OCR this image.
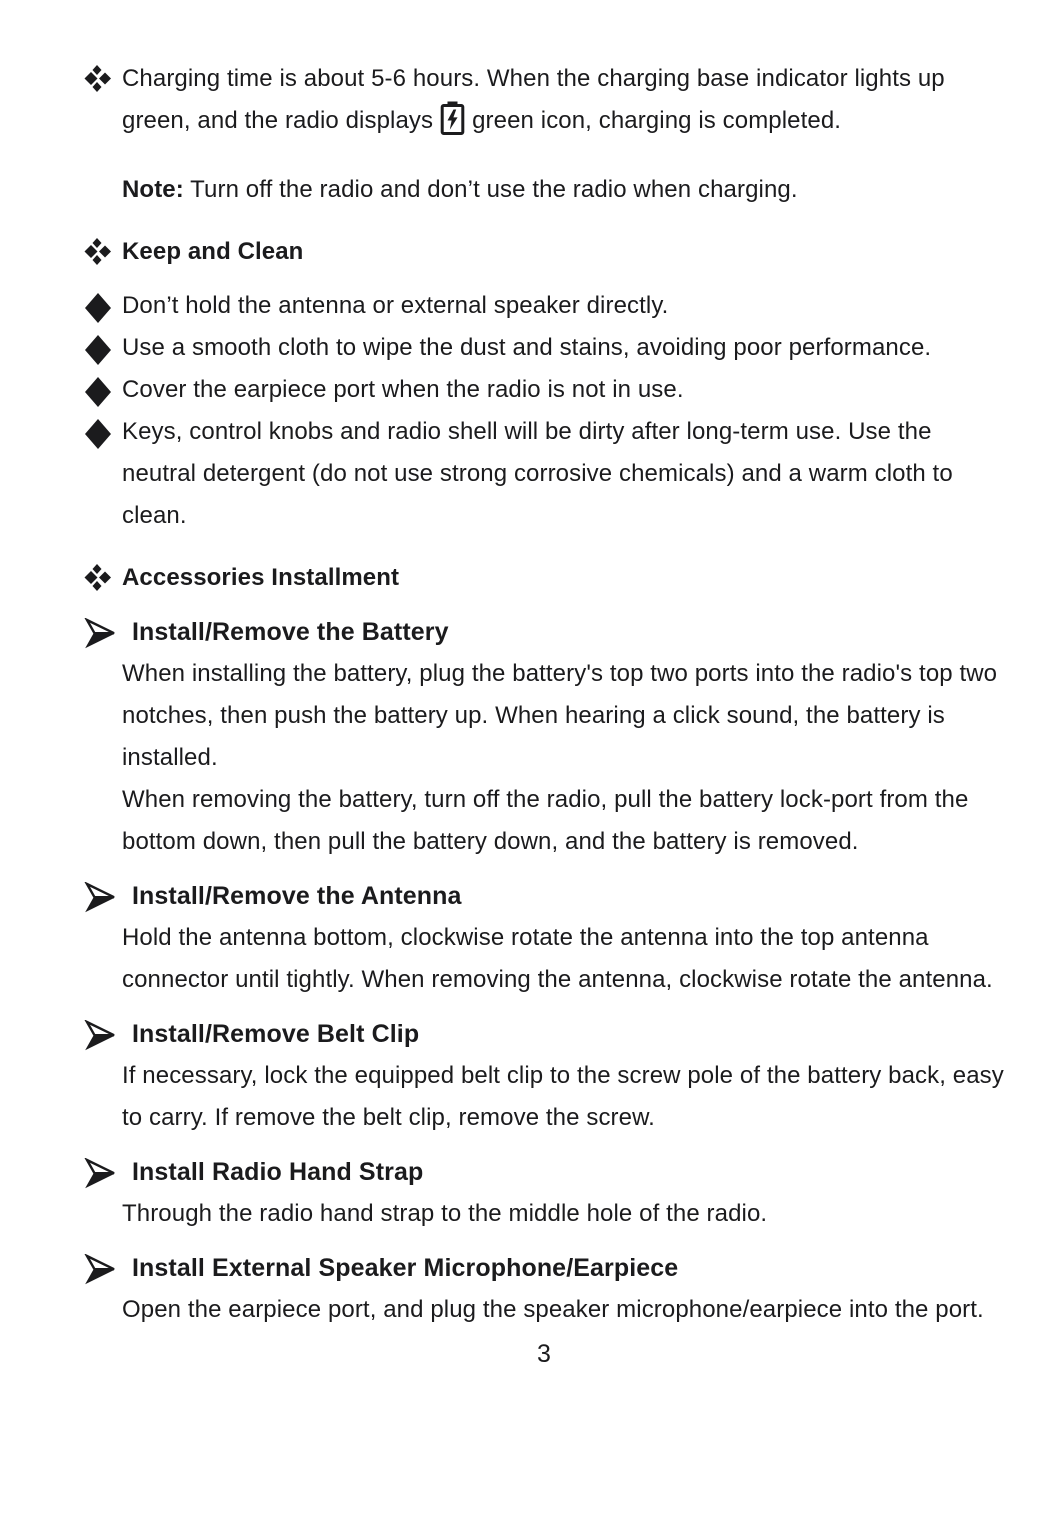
Charging time is about 5-6 hours. When the charging base indicator lights up green, and the radio displays green icon, charging is completed.

Note: Turn off the radio and don’t use the radio when charging.

Keep and Clean

Don’t hold the antenna or external speaker directly.

Use a smooth cloth to wipe the dust and stains, avoiding poor performance.

Cover the earpiece port when the radio is not in use.

Keys, control knobs and radio shell will be dirty after long-term use. Use the neutral detergent (do not use strong corrosive chemicals) and a warm cloth to clean.

Accessories Installment
Install/Remove the Battery

When installing the battery, plug the battery's top two ports into the radio's top two notches, then push the battery up. When hearing a click sound, the battery is installed.

When removing the battery, turn off the radio, pull the battery lock-port from the bottom down, then pull the battery down, and the battery is removed.

Install/Remove the Antenna

Hold the antenna bottom, clockwise rotate the antenna into the top antenna connector until tightly. When removing the antenna, clockwise rotate the antenna.

Install/Remove Belt Clip

If necessary, lock the equipped belt clip to the screw pole of the battery back, easy to carry. If remove the belt clip, remove the screw.

Install Radio Hand Strap

Through the radio hand strap to the middle hole of the radio.

Install External Speaker Microphone/Earpiece

Open the earpiece port, and plug the speaker microphone/earpiece into the port.

3
